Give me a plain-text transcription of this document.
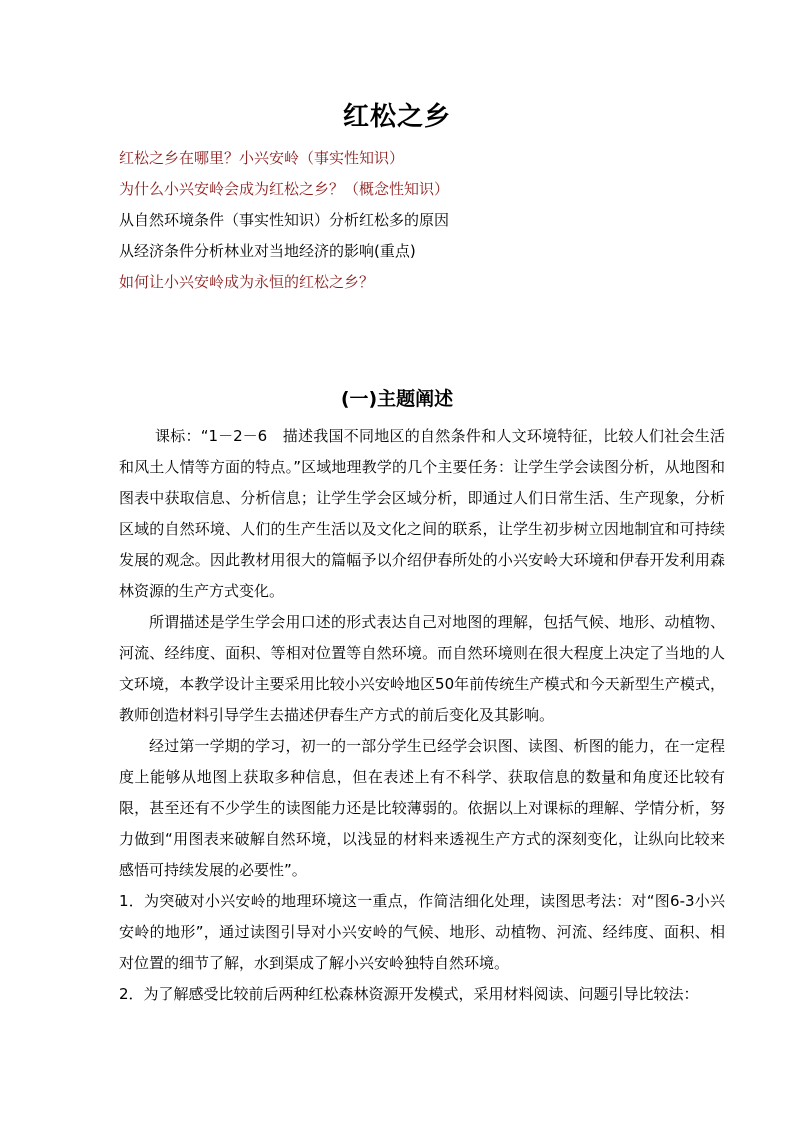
红松之乡
红松之乡在哪里？小兴安岭（事实性知识）
为什么小兴安岭会成为红松之乡？（概念性知识）
从自然环境条件（事实性知识）分析红松多的原因
从经济条件分析林业对当地经济的影响(重点)
如何让小兴安岭成为永恒的红松之乡？
(一)主题阐述

课标：“1－2－6　描述我国不同地区的自然条件和人文环境特征，比较人们社会生活和风土人情等方面的特点。”区域地理教学的几个主要任务：让学生学会读图分析，从地图和图表中获取信息、分析信息；让学生学会区域分析，即通过人们日常生活、生产现象，分析区域的自然环境、人们的生产生活以及文化之间的联系，让学生初步树立因地制宜和可持续发展的观念。因此教材用很大的篇幅予以介绍伊春所处的小兴安岭大环境和伊春开发利用森林资源的生产方式变化。

所谓描述是学生学会用口述的形式表达自己对地图的理解，包括气候、地形、动植物、河流、经纬度、面积、等相对位置等自然环境。而自然环境则在很大程度上决定了当地的人文环境，本教学设计主要采用比较小兴安岭地区50年前传统生产模式和今天新型生产模式，教师创造材料引导学生去描述伊春生产方式的前后变化及其影响。

经过第一学期的学习，初一的一部分学生已经学会识图、读图、析图的能力，在一定程度上能够从地图上获取多种信息，但在表述上有不科学、获取信息的数量和角度还比较有限，甚至还有不少学生的读图能力还是比较薄弱的。依据以上对课标的理解、学情分析，努力做到“用图表来破解自然环境，以浅显的材料来透视生产方式的深刻变化，让纵向比较来感悟可持续发展的必要性”。

1．为突破对小兴安岭的地理环境这一重点，作简洁细化处理，读图思考法：对“图6-3小兴安岭的地形”，通过读图引导对小兴安岭的气候、地形、动植物、河流、经纬度、面积、相对位置的细节了解，水到渠成了解小兴安岭独特自然环境。

2．为了解感受比较前后两种红松森林资源开发模式，采用材料阅读、问题引导比较法：
